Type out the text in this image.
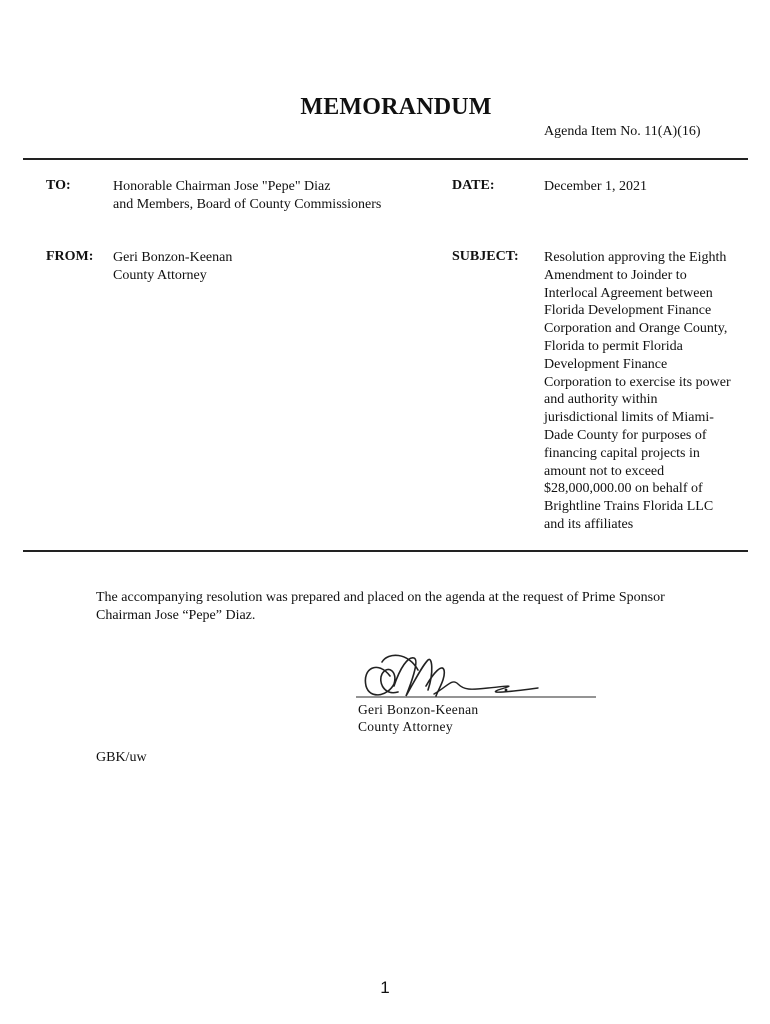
MEMORANDUM
Agenda Item No. 11(A)(16)
TO:	Honorable Chairman Jose "Pepe" Diaz
and Members, Board of County Commissioners
DATE:	December 1, 2021
FROM: Geri Bonzon-Keenan
County Attorney
SUBJECT: Resolution approving the Eighth
Amendment to Joinder to
Interlocal Agreement between
Florida Development Finance
Corporation and Orange County,
Florida to permit Florida
Development Finance
Corporation to exercise its power
and authority within
jurisdictional limits of Miami-
Dade County for purposes of
financing capital projects in
amount not to exceed
$28,000,000.00 on behalf of
Brightline Trains Florida LLC
and its affiliates
The accompanying resolution was prepared and placed on the agenda at the request of Prime Sponsor
Chairman Jose “Pepe” Diaz.
Geri Bonzon-Keenan
County Attorney
GBK/uw
1
